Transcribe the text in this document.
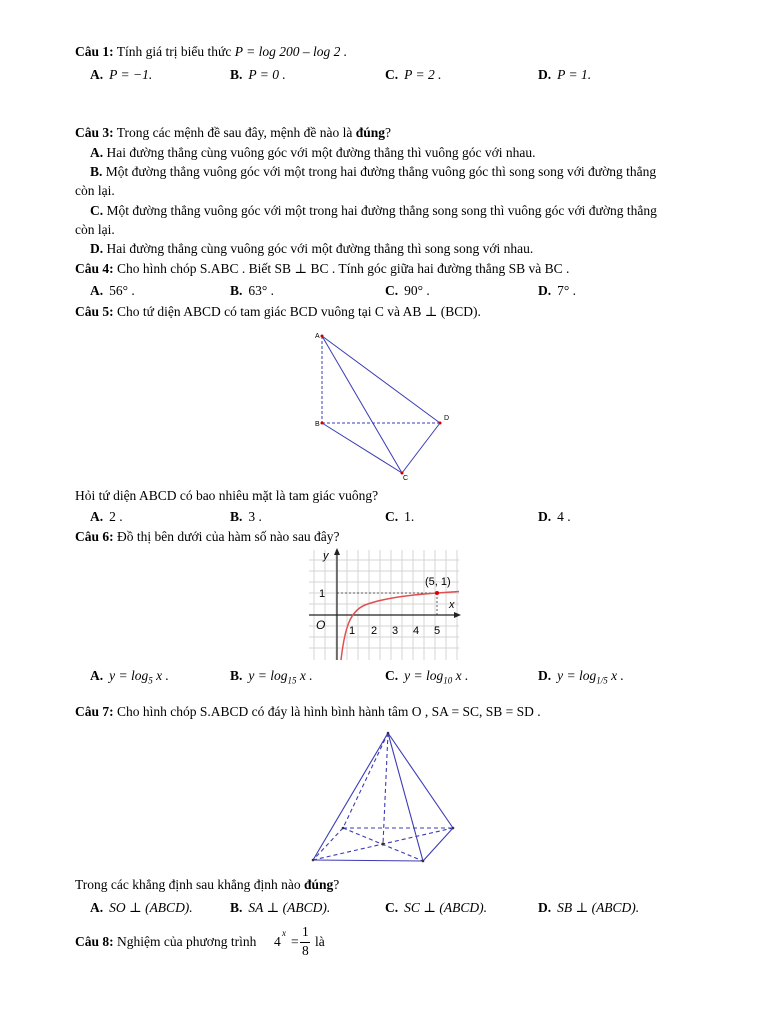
Câu 1: Tính giá trị biểu thức P = log 200 – log 2 .
A. P = −1.	B. P = 0 .	C. P = 2 .	D. P = 1.
Câu 3: Trong các mệnh đề sau đây, mệnh đề nào là đúng?
A. Hai đường thẳng cùng vuông góc với một đường thẳng thì vuông góc với nhau.
B. Một đường thẳng vuông góc với một trong hai đường thẳng vuông góc thì song song với đường thẳng
còn lại.
C. Một đường thẳng vuông góc với một trong hai đường thẳng song song thì vuông góc với đường thẳng
còn lại.
D. Hai đường thẳng cùng vuông góc với một đường thẳng thì song song với nhau.
Câu 4: Cho hình chóp S.ABC . Biết SB ⊥ BC . Tính góc giữa hai đường thẳng SB và BC .
A. 56° .	B. 63° .	C. 90° .	D. 7° .
Câu 5: Cho tứ diện ABCD có tam giác BCD vuông tại C và AB ⊥ (BCD).
A
B
C
D
Hỏi tứ diện ABCD có bao nhiêu mặt là tam giác vuông?
A. 2 .	B. 3 .	C. 1.	D. 4 .
Câu 6: Đồ thị bên dưới của hàm số nào sau đây?
y
x
O
1
1 2 3 4 5
(5, 1)
A. $y = \log_5 x$ .	B. $y = \log_{15} x$ .	C. $y = \log_{10} x$ .	D. $y = \log_{1/5} x$ .
Câu 7: Cho hình chóp S.ABCD có đáy là hình bình hành tâm O , SA = SC, SB = SD .
Trong các khẳng định sau khẳng định nào đúng?
A. SO ⊥ (ABCD).	B. SA ⊥ (ABCD).	C. SC ⊥ (ABCD).	D. SB ⊥ (ABCD).
Câu 8: Nghiệm của phương trình 4
x
=
1
8
là
